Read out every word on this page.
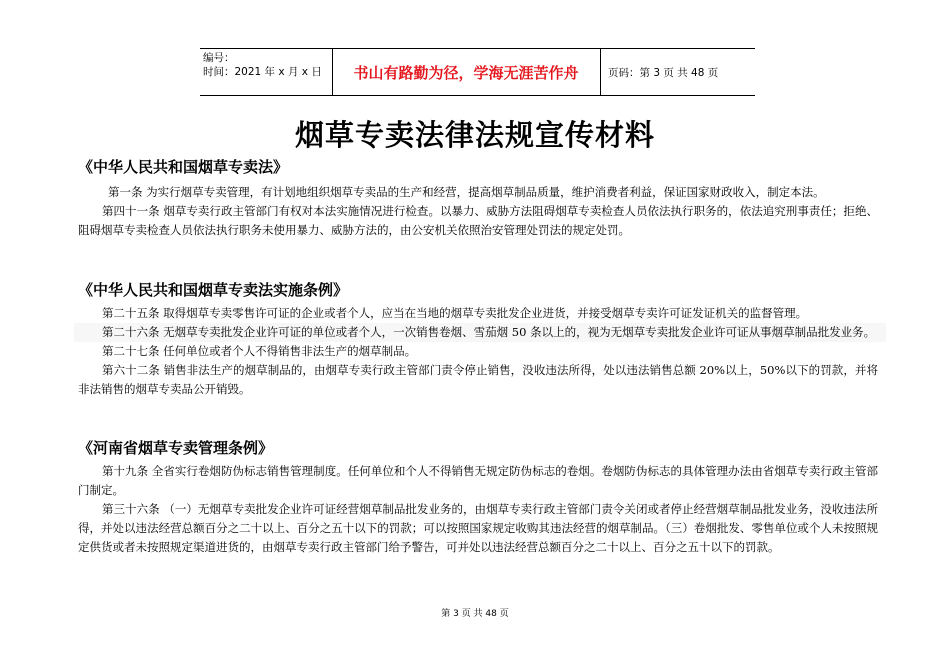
编号：
时间：2021 年 x 月 x 日	书山有路勤为径，学海无涯苦作舟	页码：第 3 页 共 48 页
烟草专卖法律法规宣传材料
《中华人民共和国烟草专卖法》

第一条 为实行烟草专卖管理，有计划地组织烟草专卖品的生产和经营，提高烟草制品质量，维护消费者利益，保证国家财政收入，制定本法。

第四十一条 烟草专卖行政主管部门有权对本法实施情况进行检查。以暴力、威胁方法阻碍烟草专卖检查人员依法执行职务的，依法追究刑事责任；拒绝、阻碍烟草专卖检查人员依法执行职务未使用暴力、威胁方法的，由公安机关依照治安管理处罚法的规定处罚。

《中华人民共和国烟草专卖法实施条例》

第二十五条 取得烟草专卖零售许可证的企业或者个人，应当在当地的烟草专卖批发企业进货，并接受烟草专卖许可证发证机关的监督管理。

第二十六条 无烟草专卖批发企业许可证的单位或者个人，一次销售卷烟、雪茄烟 50 条以上的，视为无烟草专卖批发企业许可证从事烟草制品批发业务。

第二十七条 任何单位或者个人不得销售非法生产的烟草制品。

第六十二条 销售非法生产的烟草制品的，由烟草专卖行政主管部门责令停止销售，没收违法所得，处以违法销售总额 20%以上，50%以下的罚款，并将非法销售的烟草专卖品公开销毁。

《河南省烟草专卖管理条例》

第十九条 全省实行卷烟防伪标志销售管理制度。任何单位和个人不得销售无规定防伪标志的卷烟。卷烟防伪标志的具体管理办法由省烟草专卖行政主管部门制定。

第三十六条 （一）无烟草专卖批发企业许可证经营烟草制品批发业务的，由烟草专卖行政主管部门责令关闭或者停止经营烟草制品批发业务，没收违法所得，并处以违法经营总额百分之二十以上、百分之五十以下的罚款；可以按照国家规定收购其违法经营的烟草制品。（三）卷烟批发、零售单位或个人未按照规定供货或者未按照规定渠道进货的，由烟草专卖行政主管部门给予警告，可并处以违法经营总额百分之二十以上、百分之五十以下的罚款。

第 3 页 共 48 页
